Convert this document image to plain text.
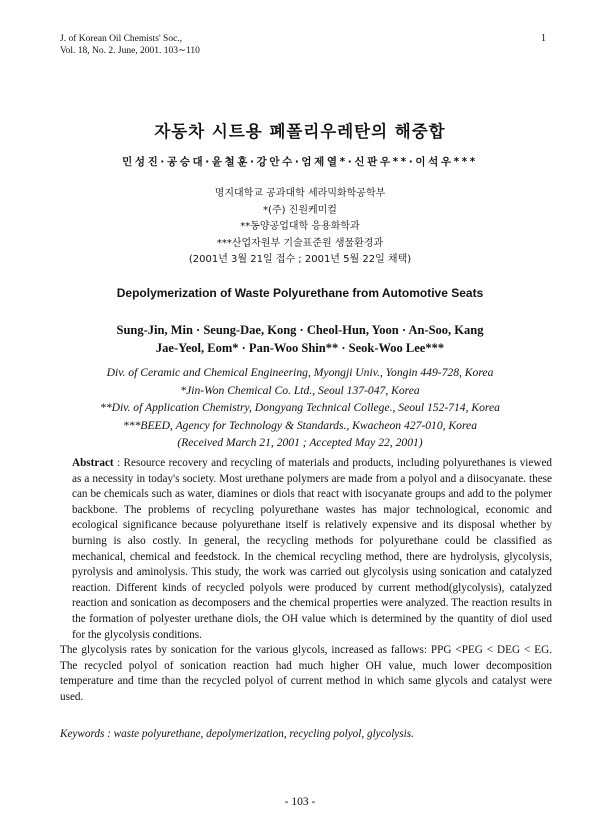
J. of Korean Oil Chemists' Soc.,
Vol. 18, No. 2. June, 2001. 103∼110
1
자동차 시트용 폐폴리우레탄의 해중합
민성진·공승대·윤철훈·강안수·엄제열*·신판우**·이석우***
명지대학교 공과대학 세라믹화학공학부
*(주) 진원케미컬
**동양공업대학 응용화학과
***산업자원부 기술표준원 생물환경과
(2001년 3월 21일 접수 ; 2001년 5월 22일 채택)
Depolymerization of Waste Polyurethane from Automotive Seats
Sung-Jin, Min · Seung-Dae, Kong · Cheol-Hun, Yoon · An-Soo, Kang
Jae-Yeol, Eom* · Pan-Woo Shin** · Seok-Woo Lee***
Div. of Ceramic and Chemical Engineering, Myongji Univ., Yongin 449-728, Korea
*Jin-Won Chemical Co. Ltd., Seoul 137-047, Korea
**Div. of Application Chemistry, Dongyang Technical College., Seoul 152-714, Korea
***BEED, Agency for Technology & Standards., Kwacheon 427-010, Korea
(Received March 21, 2001 ; Accepted May 22, 2001)

Abstract : Resource recovery and recycling of materials and products, including polyurethanes is viewed as a necessity in today's society. Most urethane polymers are made from a polyol and a diisocyanate. these can be chemicals such as water, diamines or diols that react with isocyanate groups and add to the polymer backbone. The problems of recycling polyurethane wastes has major technological, economic and ecological significance because polyurethane itself is relatively expensive and its disposal whether by burning is also costly. In general, the recycling methods for polyurethane could be classified as mechanical, chemical and feedstock. In the chemical recycling method, there are hydrolysis, glycolysis, pyrolysis and aminolysis. This study, the work was carried out glycolysis using sonication and catalyzed reaction. Different kinds of recycled polyols were produced by current method(glycolysis), catalyzed reaction and sonication as decomposers and the chemical properties were analyzed. The reaction results in the formation of polyester urethane diols, the OH value which is determined by the quantity of diol used for the glycolysis conditions.

The glycolysis rates by sonication for the various glycols, increased as fallows: PPG <PEG < DEG < EG. The recycled polyol of sonication reaction had much higher OH value, much lower decomposition temperature and time than the recycled polyol of current method in which same glycols and catalyst were used.

Keywords : waste polyurethane, depolymerization, recycling polyol, glycolysis.
- 103 -
